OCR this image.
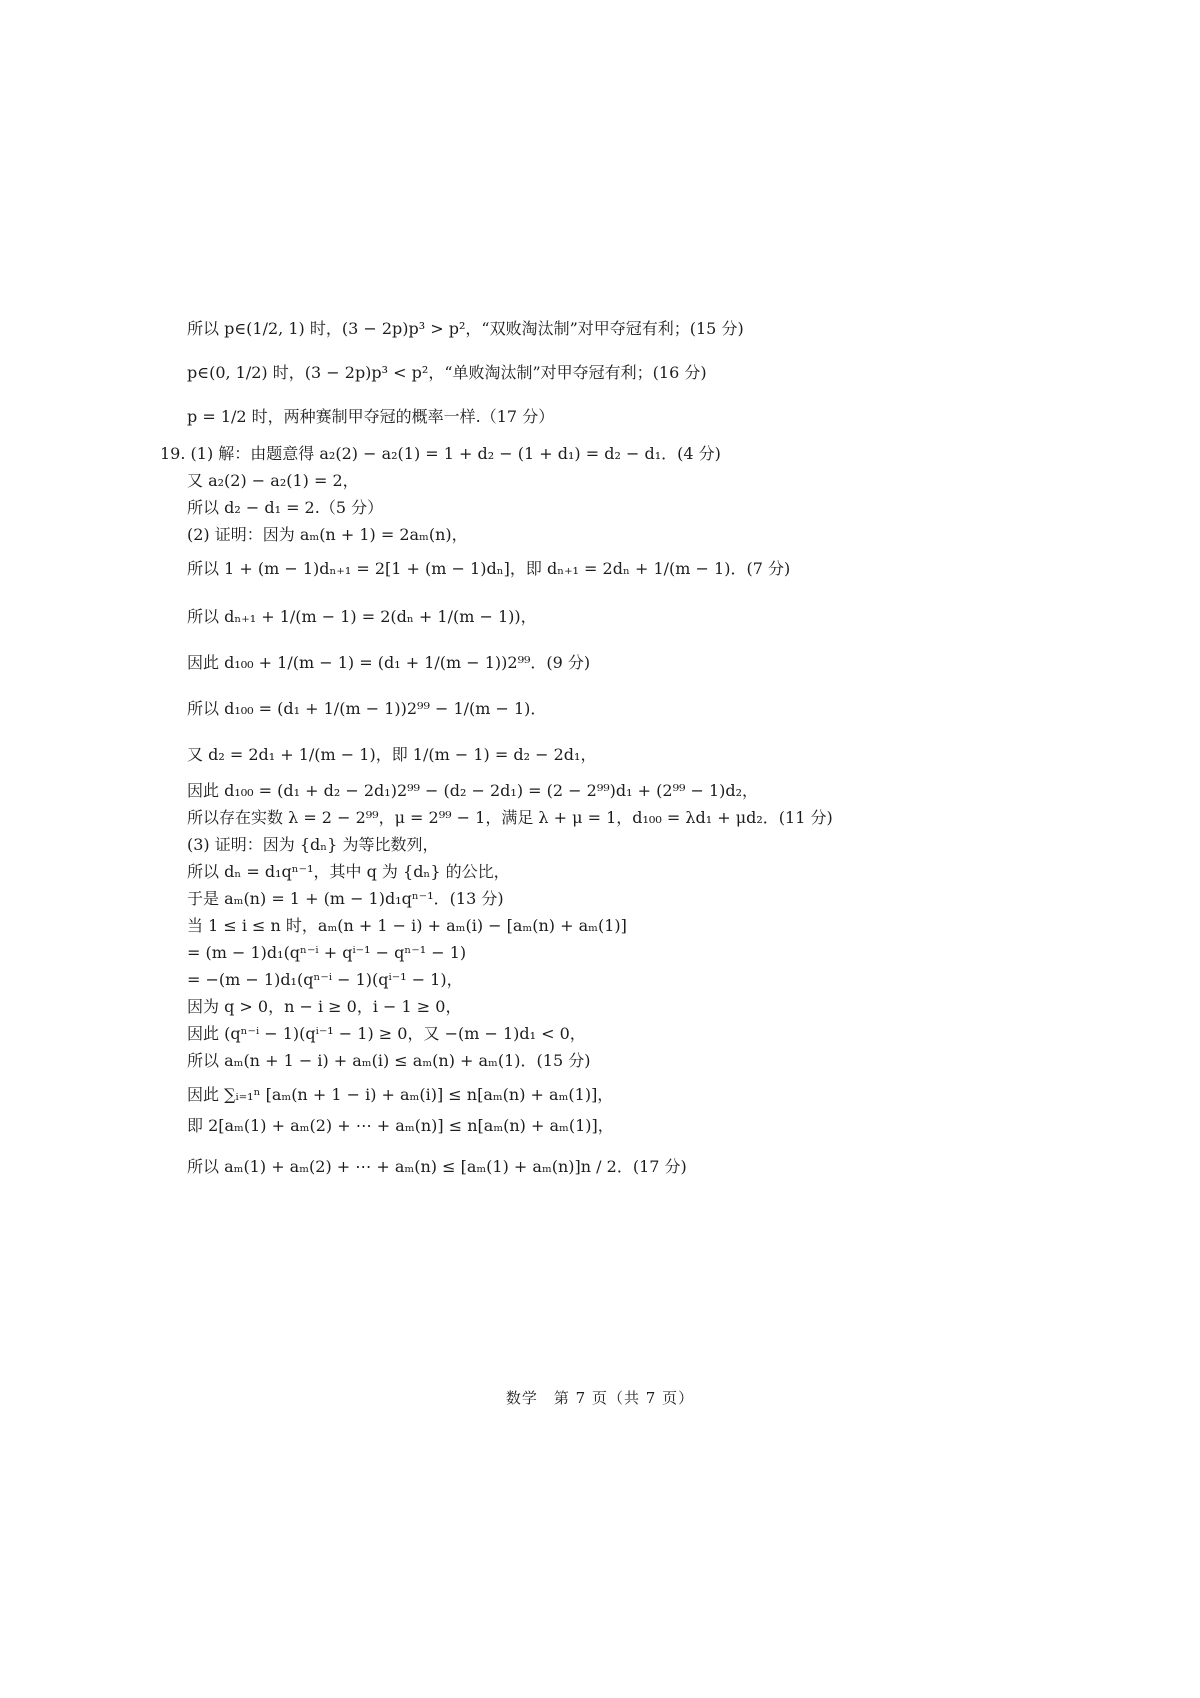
所以 p∈(1/2, 1) 时，(3 − 2p)p³ > p²，“双败淘汰制”对甲夺冠有利；(15 分)
p∈(0, 1/2) 时，(3 − 2p)p³ < p²，“单败淘汰制”对甲夺冠有利；(16 分)
p = 1/2 时，两种赛制甲夺冠的概率一样.（17 分）
19. (1) 解：由题意得 a₂(2) − a₂(1) = 1 + d₂ − (1 + d₁) = d₂ − d₁．(4 分)
又 a₂(2) − a₂(1) = 2，
所以 d₂ − d₁ = 2.（5 分）
(2) 证明：因为 aₘ(n + 1) = 2aₘ(n)，
所以 1 + (m − 1)dₙ₊₁ = 2[1 + (m − 1)dₙ]，即 dₙ₊₁ = 2dₙ + 1/(m − 1)．(7 分)
所以 dₙ₊₁ + 1/(m − 1) = 2(dₙ + 1/(m − 1))，
因此 d₁₀₀ + 1/(m − 1) = (d₁ + 1/(m − 1))2⁹⁹．(9 分)
所以 d₁₀₀ = (d₁ + 1/(m − 1))2⁹⁹ − 1/(m − 1)．
又 d₂ = 2d₁ + 1/(m − 1)，即 1/(m − 1) = d₂ − 2d₁，
因此 d₁₀₀ = (d₁ + d₂ − 2d₁)2⁹⁹ − (d₂ − 2d₁) = (2 − 2⁹⁹)d₁ + (2⁹⁹ − 1)d₂，
所以存在实数 λ = 2 − 2⁹⁹，μ = 2⁹⁹ − 1，满足 λ + μ = 1，d₁₀₀ = λd₁ + μd₂．(11 分)
(3) 证明：因为 {dₙ} 为等比数列，
所以 dₙ = d₁qⁿ⁻¹，其中 q 为 {dₙ} 的公比，
于是 aₘ(n) = 1 + (m − 1)d₁qⁿ⁻¹．(13 分)
当 1 ≤ i ≤ n 时，aₘ(n + 1 − i) + aₘ(i) − [aₘ(n) + aₘ(1)]
= (m − 1)d₁(qⁿ⁻ⁱ + qⁱ⁻¹ − qⁿ⁻¹ − 1)
= −(m − 1)d₁(qⁿ⁻ⁱ − 1)(qⁱ⁻¹ − 1)，
因为 q > 0，n − i ≥ 0，i − 1 ≥ 0，
因此 (qⁿ⁻ⁱ − 1)(qⁱ⁻¹ − 1) ≥ 0，又 −(m − 1)d₁ < 0，
所以 aₘ(n + 1 − i) + aₘ(i) ≤ aₘ(n) + aₘ(1)．(15 分)
因此 ∑ᵢ₌₁ⁿ [aₘ(n + 1 − i) + aₘ(i)] ≤ n[aₘ(n) + aₘ(1)]，
即 2[aₘ(1) + aₘ(2) + ⋯ + aₘ(n)] ≤ n[aₘ(n) + aₘ(1)]，
所以 aₘ(1) + aₘ(2) + ⋯ + aₘ(n) ≤ [aₘ(1) + aₘ(n)]n / 2．(17 分)
数学　第 7 页（共 7 页）
